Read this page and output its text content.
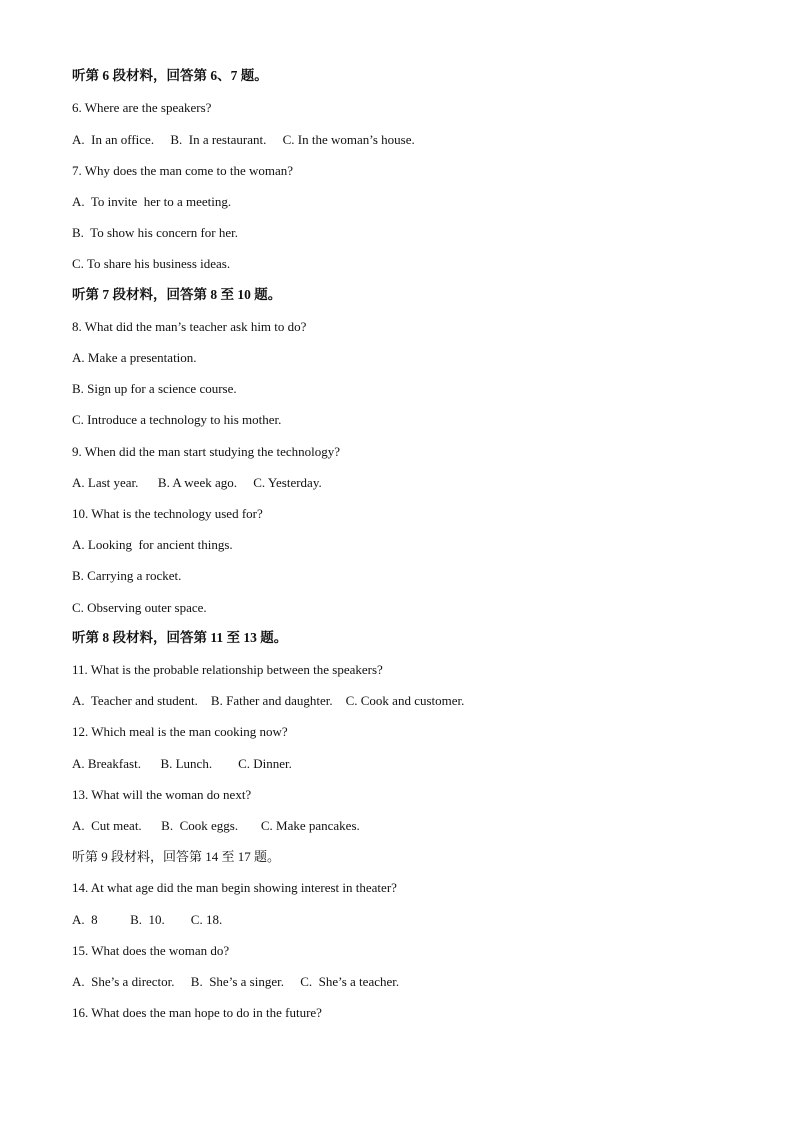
听第 6 段材料，回答第 6、7 题。
6. Where are the speakers?
A.  In an office.     B.  In a restaurant.     C. In the woman’s house.
7. Why does the man come to the woman?
A.  To invite  her to a meeting.
B.  To show his concern for her.
C. To share his business ideas.
听第 7 段材料，回答第 8 至 10 题。
8. What did the man’s teacher ask him to do?
A. Make a presentation.
B. Sign up for a science course.
C. Introduce a technology to his mother.
9. When did the man start studying the technology?
A. Last year.      B. A week ago.     C. Yesterday.
10. What is the technology used for?
A. Looking  for ancient things.
B. Carrying a rocket.
C. Observing outer space.
听第 8 段材料，回答第 11 至 13 题。
11. What is the probable relationship between the speakers?
A.  Teacher and student.    B. Father and daughter.    C. Cook and customer.
12. Which meal is the man cooking now?
A. Breakfast.      B. Lunch.        C. Dinner.
13. What will the woman do next?
A.  Cut meat.      B.  Cook eggs.       C. Make pancakes.
听第 9 段材料，回答第 14 至 17 题。
14. At what age did the man begin showing interest in theater?
A.  8          B.  10.        C. 18.
15. What does the woman do?
A.  She’s a director.     B.  She’s a singer.     C.  She’s a teacher.
16. What does the man hope to do in the future?
